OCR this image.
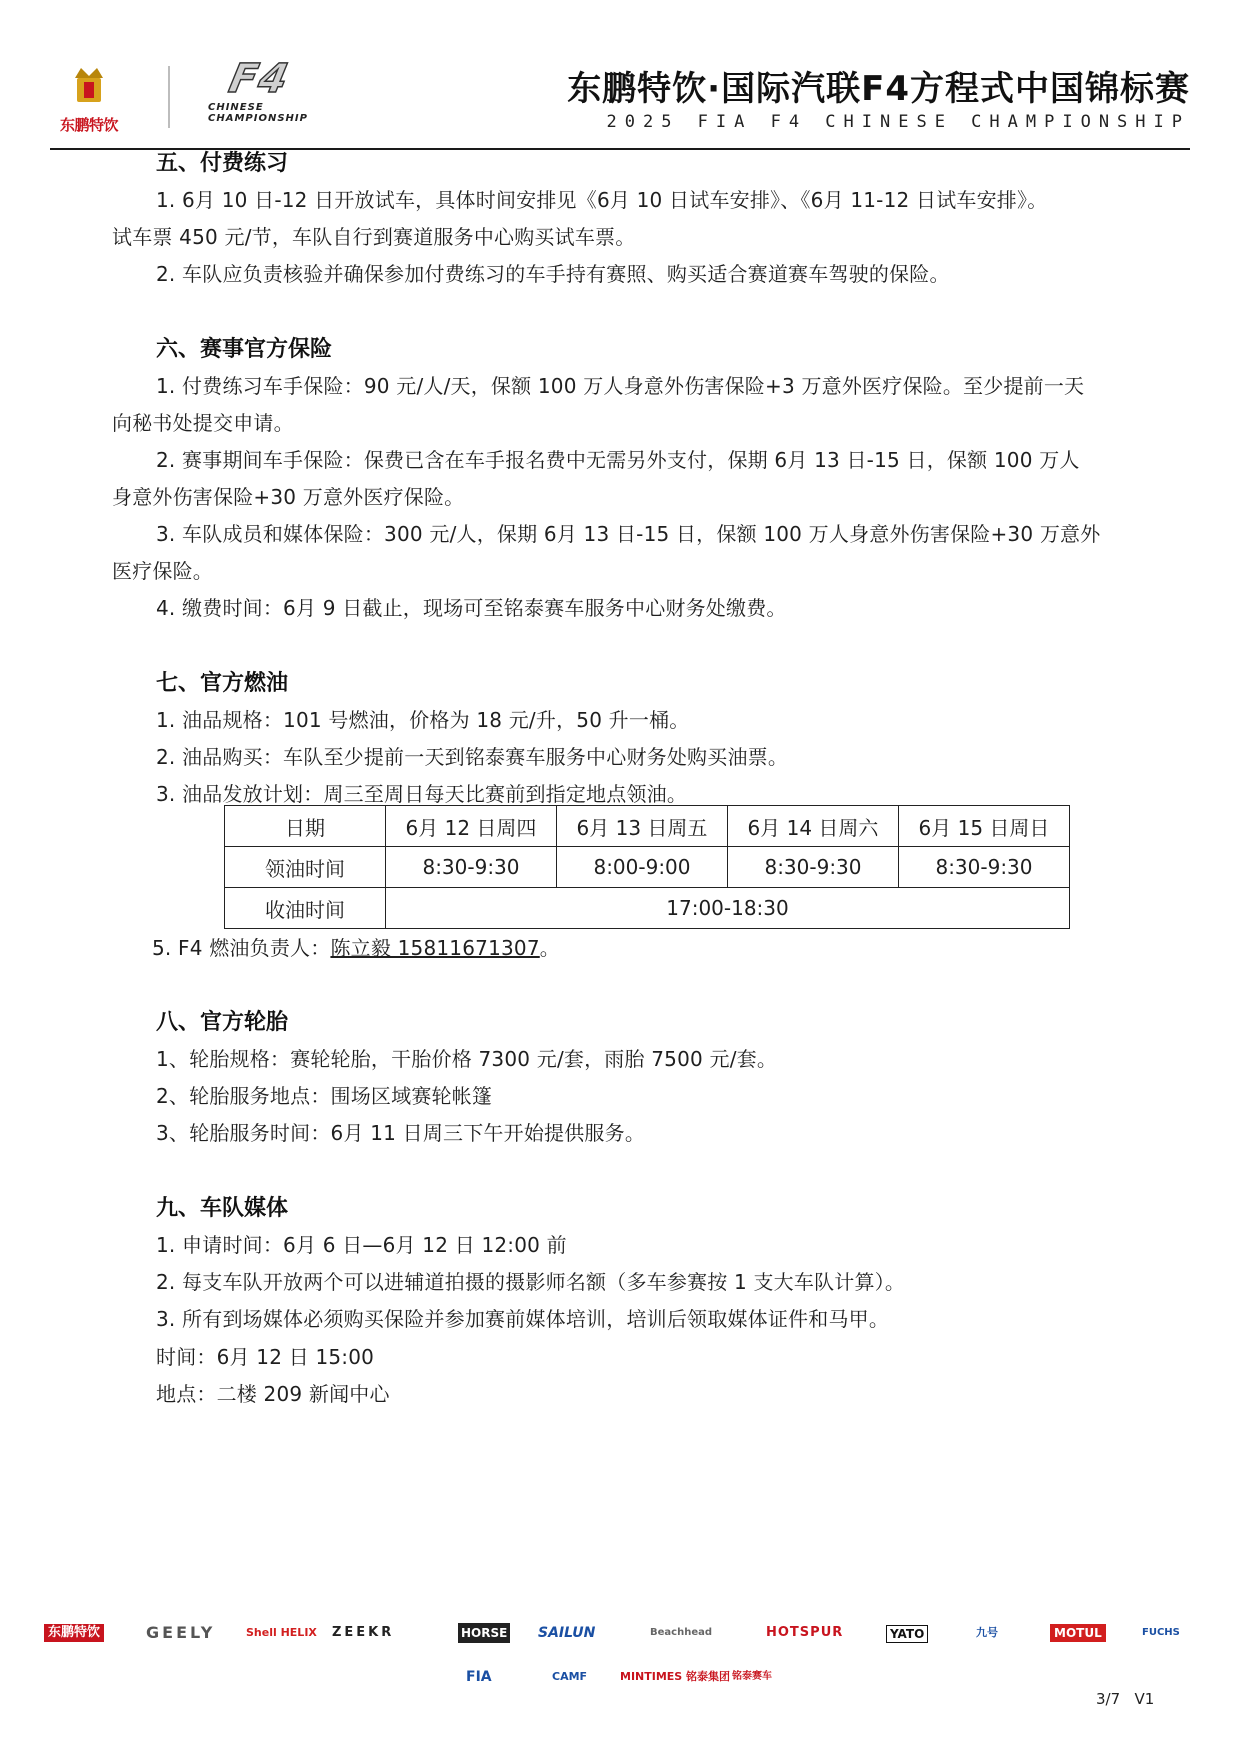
东鹏特饮
F4
CHINESE CHAMPIONSHIP
东鹏特饮·国际汽联F4方程式中国锦标赛
2025 FIA F4 CHINESE CHAMPIONSHIP
五、付费练习
1. 6月 10 日-12 日开放试车，具体时间安排见《6月 10 日试车安排》、《6月 11-12 日试车安排》。
试车票 450 元/节，车队自行到赛道服务中心购买试车票。
2. 车队应负责核验并确保参加付费练习的车手持有赛照、购买适合赛道赛车驾驶的保险。
六、赛事官方保险
1. 付费练习车手保险：90 元/人/天，保额 100 万人身意外伤害保险+3 万意外医疗保险。至少提前一天
向秘书处提交申请。
2. 赛事期间车手保险：保费已含在车手报名费中无需另外支付，保期 6月 13 日-15 日，保额 100 万人
身意外伤害保险+30 万意外医疗保险。
3. 车队成员和媒体保险：300 元/人，保期 6月 13 日-15 日，保额 100 万人身意外伤害保险+30 万意外
医疗保险。
4. 缴费时间：6月 9 日截止，现场可至铭泰赛车服务中心财务处缴费。
七、官方燃油
1. 油品规格：101 号燃油，价格为 18 元/升，50 升一桶。
2. 油品购买：车队至少提前一天到铭泰赛车服务中心财务处购买油票。
3. 油品发放计划：周三至周日每天比赛前到指定地点领油。
日期	6月 12 日周四	6月 13 日周五	6月 14 日周六	6月 15 日周日
领油时间	8:30-9:30	8:00-9:00	8:30-9:30	8:30-9:30
收油时间	17:00-18:30			
5. F4 燃油负责人：陈立毅 15811671307。
八、官方轮胎
1、轮胎规格：赛轮轮胎，干胎价格 7300 元/套，雨胎 7500 元/套。
2、轮胎服务地点：围场区域赛轮帐篷
3、轮胎服务时间：6月 11 日周三下午开始提供服务。
九、车队媒体
1. 申请时间：6月 6 日—6月 12 日 12:00 前
2. 每支车队开放两个可以进辅道拍摄的摄影师名额（多车参赛按 1 支大车队计算）。
3. 所有到场媒体必须购买保险并参加赛前媒体培训，培训后领取媒体证件和马甲。
时间：6月 12 日 15:00
地点：二楼 209 新闻中心
东鹏特饮	GEELY	Shell HELIX ZEEKR	HORSE SAILUN	Beachhead	HOTSPUR	YATO	九号	MOTUL	FUCHS
FIA	CAMF	MINTIMES 铭泰集团 铭泰赛车
3/7 V1
